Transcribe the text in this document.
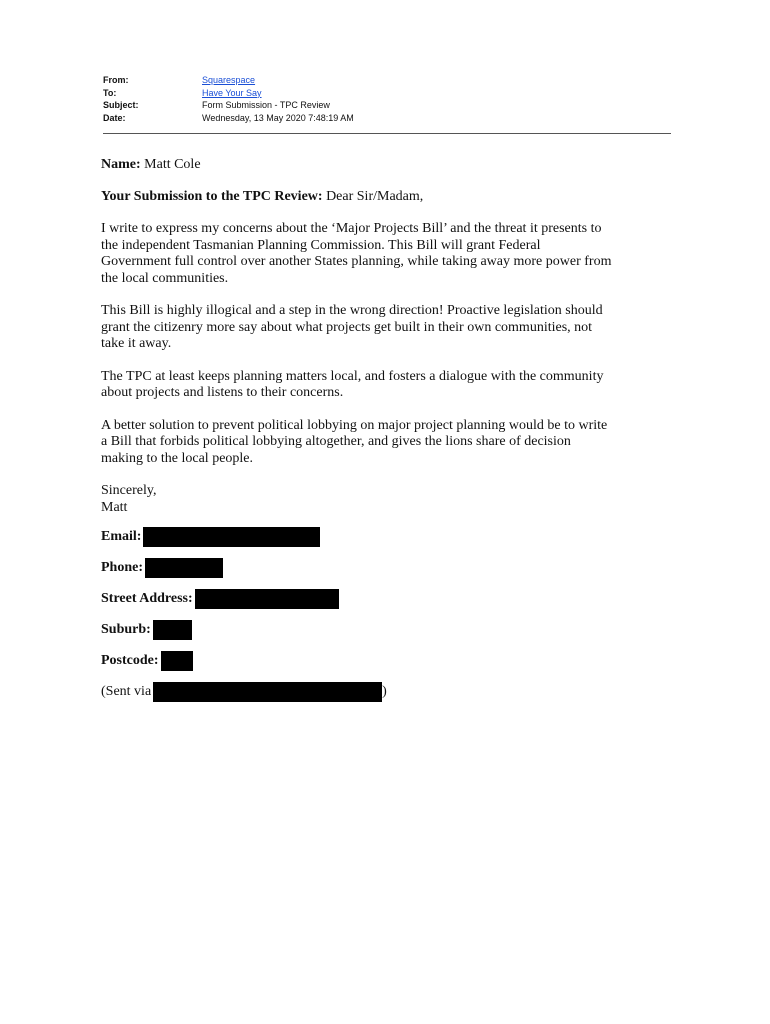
From:	Squarespace
To:	Have Your Say
Subject:	Form Submission - TPC Review
Date:	Wednesday, 13 May 2020 7:48:19 AM
Name: Matt Cole
Your Submission to the TPC Review: Dear Sir/Madam,
I write to express my concerns about the ‘Major Projects Bill’ and the threat it presents to
the independent Tasmanian Planning Commission. This Bill will grant Federal
Government full control over another States planning, while taking away more power from
the local communities.
This Bill is highly illogical and a step in the wrong direction! Proactive legislation should
grant the citizenry more say about what projects get built in their own communities, not
take it away.
The TPC at least keeps planning matters local, and fosters a dialogue with the community
about projects and listens to their concerns.
A better solution to prevent political lobbying on major project planning would be to write
a Bill that forbids political lobbying altogether, and gives the lions share of decision
making to the local people.
Sincerely,
Matt
Email:
Phone:
Street Address:
Suburb:
Postcode:
(Sent via	)
